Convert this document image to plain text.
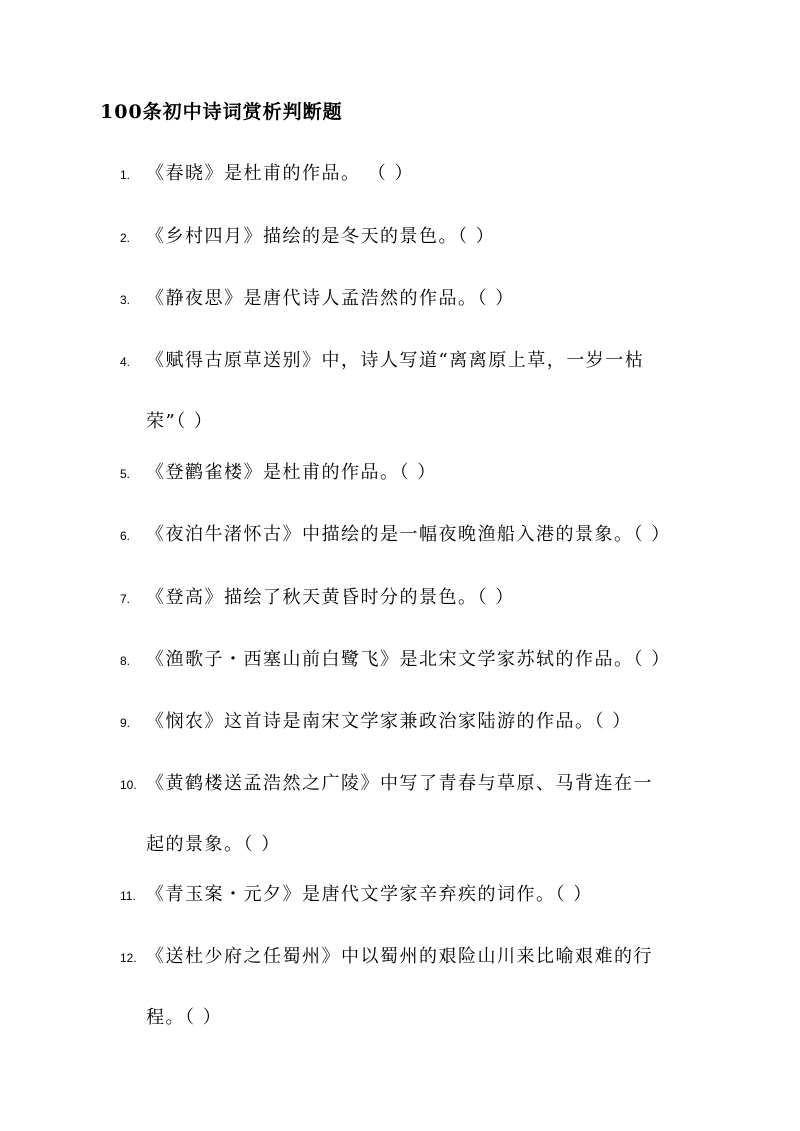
100条初中诗词赏析判断题
1. 《春晓》是杜甫的作品。 （ ）
2. 《乡村四月》描绘的是冬天的景色。（ ）
3. 《静夜思》是唐代诗人孟浩然的作品。（ ）
4. 《赋得古原草送别》中，诗人写道“离离原上草，一岁一枯
荣”（ ）
5. 《登鹳雀楼》是杜甫的作品。（ ）
6. 《夜泊牛渚怀古》中描绘的是一幅夜晚渔船入港的景象。（ ）
7. 《登高》描绘了秋天黄昏时分的景色。（ ）
8. 《渔歌子・西塞山前白鹭飞》是北宋文学家苏轼的作品。（ ）
9. 《悯农》这首诗是南宋文学家兼政治家陆游的作品。（ ）
10. 《黄鹤楼送孟浩然之广陵》中写了青春与草原、马背连在一
起的景象。（ ）
11. 《青玉案・元夕》是唐代文学家辛弃疾的词作。（ ）
12. 《送杜少府之任蜀州》中以蜀州的艰险山川来比喻艰难的行
程。（ ）
